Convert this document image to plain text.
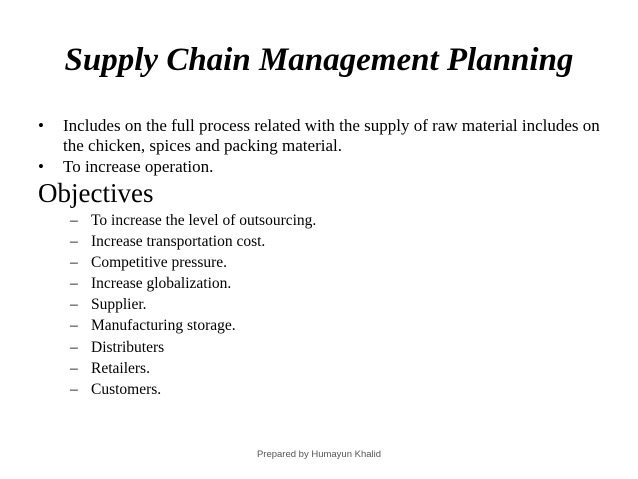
Supply Chain Management Planning
• Includes on the full process related with the supply of raw material includes on the chicken, spices and packing material.
• To increase operation.
Objectives
– To increase the level of outsourcing.
– Increase transportation cost.
– Competitive pressure.
– Increase globalization.
– Supplier.
– Manufacturing storage.
– Distributers
– Retailers.
– Customers.
Prepared by Humayun Khalid
